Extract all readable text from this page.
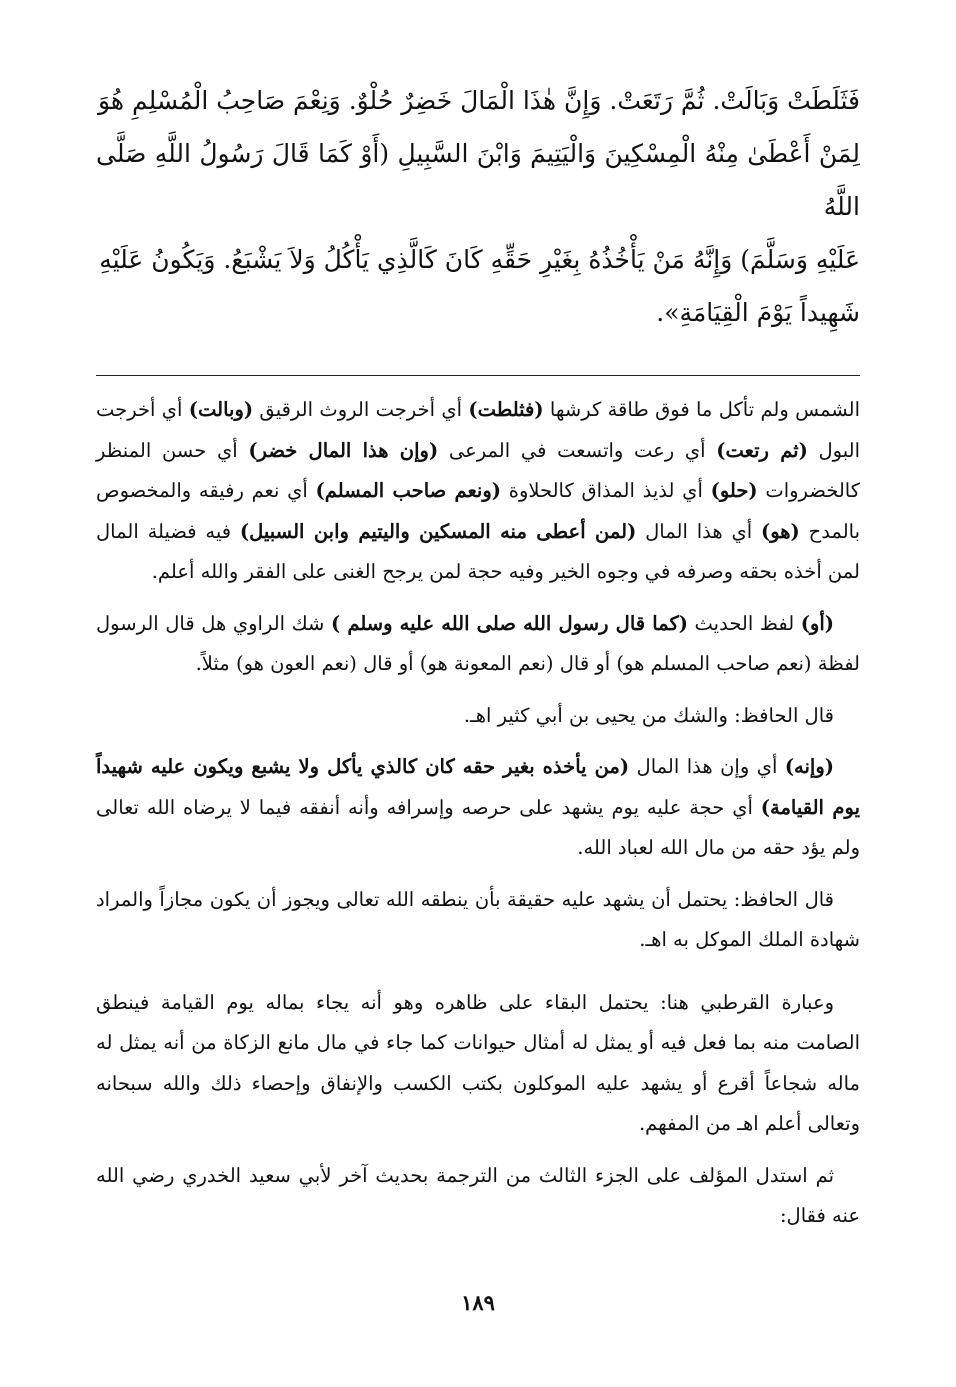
فَثَلَطَتْ وَبَالَتْ. ثُمَّ رَتَعَتْ. وَإِنَّ هٰذَا الْمَالَ خَضِرٌ حُلْوٌ. وَنِعْمَ صَاحِبُ الْمُسْلِمِ هُوَ

لِمَنْ أَعْطَىٰ مِنْهُ الْمِسْكِينَ وَالْيَتِيمَ وَابْنَ السَّبِيلِ (أَوْ كَمَا قَالَ رَسُولُ اللَّهِ صَلَّى اللَّهُ

عَلَيْهِ وَسَلَّمَ) وَإِنَّهُ مَنْ يَأْخُذُهُ بِغَيْرِ حَقِّهِ كَانَ كَالَّذِي يَأْكُلُ وَلاَ يَشْبَعُ. وَيَكُونُ عَلَيْهِ

شَهِيداً يَوْمَ الْقِيَامَةِ».

الشمس ولم تأكل ما فوق طاقة كرشها (فثلطت) أي أخرجت الروث الرقيق (وبالت) أي أخرجت البول (ثم رتعت) أي رعت واتسعت في المرعى (وإن هذا المال خضر) أي حسن المنظر كالخضروات (حلو) أي لذيذ المذاق كالحلاوة (ونعم صاحب المسلم) أي نعم رفيقه والمخصوص بالمدح (هو) أي هذا المال (لمن أعطى منه المسكين واليتيم وابن السبيل) فيه فضيلة المال لمن أخذه بحقه وصرفه في وجوه الخير وفيه حجة لمن يرجح الغنى على الفقر والله أعلم.

(أو) لفظ الحديث (كما قال رسول الله صلى الله عليه وسلم ) شك الراوي هل قال الرسول لفظة (نعم صاحب المسلم هو) أو قال (نعم المعونة هو) أو قال (نعم العون هو) مثلاً.

قال الحافظ: والشك من يحيى بن أبي كثير اهـ.

(وإنه) أي وإن هذا المال (من يأخذه بغير حقه كان كالذي يأكل ولا يشبع ويكون عليه شهيداً يوم القيامة) أي حجة عليه يوم يشهد على حرصه وإسرافه وأنه أنفقه فيما لا يرضاه الله تعالى ولم يؤد حقه من مال الله لعباد الله.

قال الحافظ: يحتمل أن يشهد عليه حقيقة بأن ينطقه الله تعالى ويجوز أن يكون مجازاً والمراد شهادة الملك الموكل به اهـ.

وعبارة القرطبي هنا: يحتمل البقاء على ظاهره وهو أنه يجاء بماله يوم القيامة فينطق الصامت منه بما فعل فيه أو يمثل له أمثال حيوانات كما جاء في مال مانع الزكاة من أنه يمثل له ماله شجاعاً أقرع أو يشهد عليه الموكلون بكتب الكسب والإنفاق وإحصاء ذلك والله سبحانه وتعالى أعلم اهـ من المفهم.

ثم استدل المؤلف على الجزء الثالث من الترجمة بحديث آخر لأبي سعيد الخدري رضي الله عنه فقال:

١٨٩
